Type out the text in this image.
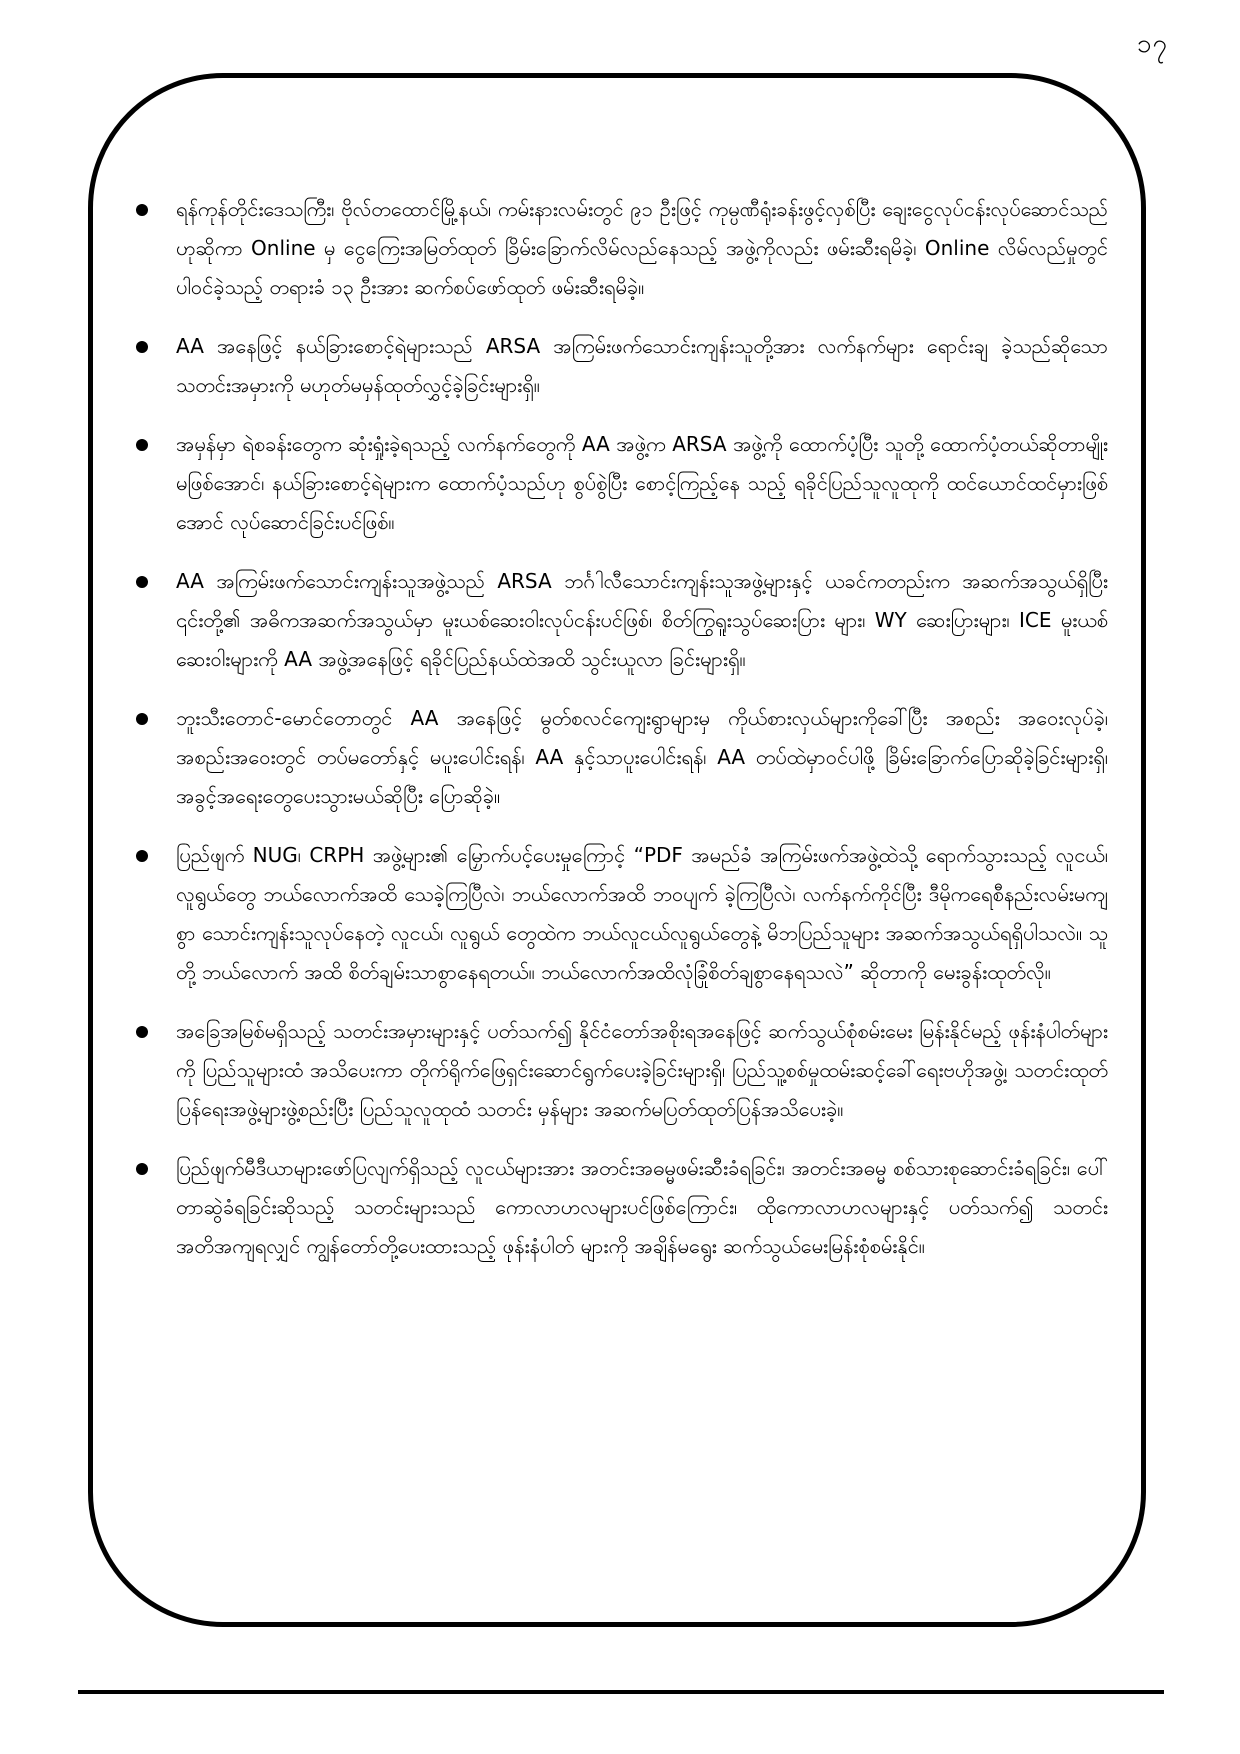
၁၇
ရန်ကုန်တိုင်းဒေသကြီး၊ ဗိုလ်တထောင်မြို့နယ်၊ ကမ်းနားလမ်းတွင် ၉၁ ဦးဖြင့် ကုမ္ပဏီရုံးခန်းဖွင့်လှစ်ပြီး ချေးငွေလုပ်ငန်းလုပ်ဆောင်သည်ဟုဆိုကာ Online မှ ငွေကြေးအမြတ်ထုတ် ခြိမ်းခြောက်လိမ်လည်နေသည့် အဖွဲ့ကိုလည်း ဖမ်းဆီးရမိခဲ့၊ Online လိမ်လည်မှုတွင် ပါဝင်ခဲ့သည့် တရားခံ ၁၃ ဦးအား ဆက်စပ်ဖော်ထုတ် ဖမ်းဆီးရမိခဲ့။
AA အနေဖြင့် နယ်ခြားစောင့်ရဲများသည် ARSA အကြမ်းဖက်သောင်းကျန်းသူတို့အား လက်နက်များ ရောင်းချ ခဲ့သည်ဆိုသော သတင်းအမှားကို မဟုတ်မမှန်ထုတ်လွှင့်ခဲ့ခြင်းများရှိ။
အမှန်မှာ ရဲစခန်းတွေက ဆုံးရှုံးခဲ့ရသည့် လက်နက်တွေကို AA အဖွဲ့က ARSA အဖွဲ့ကို ထောက်ပံ့ပြီး သူတို့ ထောက်ပံ့တယ်ဆိုတာမျိုးမဖြစ်အောင်၊ နယ်ခြားစောင့်ရဲများက ထောက်ပံ့သည်ဟု စွပ်စွဲပြီး စောင့်ကြည့်နေ သည့် ရခိုင်ပြည်သူလူထုကို ထင်ယောင်ထင်မှားဖြစ်အောင် လုပ်ဆောင်ခြင်းပင်ဖြစ်။
AA အကြမ်းဖက်သောင်းကျန်းသူအဖွဲ့သည် ARSA ဘင်္ဂါလီသောင်းကျန်းသူအဖွဲ့များနှင့် ယခင်ကတည်းက အဆက်အသွယ်ရှိပြီး ၎င်းတို့၏ အဓိကအဆက်အသွယ်မှာ မူးယစ်ဆေးဝါးလုပ်ငန်းပင်ဖြစ်၊ စိတ်ကြွရူးသွပ်ဆေးပြား များ၊ WY ဆေးပြားများ၊ ICE မူးယစ်ဆေးဝါးများကို AA အဖွဲ့အနေဖြင့် ရခိုင်ပြည်နယ်ထဲအထိ သွင်းယူလာ ခြင်းများရှိ။
ဘူးသီးတောင်-မောင်တောတွင် AA အနေဖြင့် မွတ်စလင်ကျေးရွာများမှ ကိုယ်စားလှယ်များကိုခေါ်ပြီး အစည်း အဝေးလုပ်ခဲ့၊ အစည်းအဝေးတွင် တပ်မတော်နှင့် မပူးပေါင်းရန်၊ AA နှင့်သာပူးပေါင်းရန်၊ AA တပ်ထဲမှာဝင်ပါဖို့ ခြိမ်းခြောက်ပြောဆိုခဲ့ခြင်းများရှိ၊ အခွင့်အရေးတွေပေးသွားမယ်ဆိုပြီး ပြောဆိုခဲ့။
ပြည်ဖျက် NUG၊ CRPH အဖွဲ့များ၏ မြှောက်ပင့်ပေးမှုကြောင့် “PDF အမည်ခံ အကြမ်းဖက်အဖွဲ့ထဲသို့ ရောက်သွားသည့် လူငယ်၊ လူရွယ်တွေ ဘယ်လောက်အထိ သေခဲ့ကြပြီလဲ၊ ဘယ်လောက်အထိ ဘဝပျက် ခဲ့ကြပြီလဲ၊ လက်နက်ကိုင်ပြီး ဒီမိုကရေစီနည်းလမ်းမကျစွာ သောင်းကျန်းသူလုပ်နေတဲ့ လူငယ်၊ လူရွယ် တွေထဲက ဘယ်လူငယ်လူရွယ်တွေနဲ့ မိဘပြည်သူများ အဆက်အသွယ်ရရှိပါသလဲ။ သူတို့ ဘယ်လောက် အထိ စိတ်ချမ်းသာစွာနေရတယ်။ ဘယ်လောက်အထိလုံခြုံစိတ်ချစွာနေရသလဲ” ဆိုတာကို မေးခွန်းထုတ်လို။
အခြေအမြစ်မရှိသည့် သတင်းအမှားများနှင့် ပတ်သက်၍ နိုင်ငံတော်အစိုးရအနေဖြင့် ဆက်သွယ်စုံစမ်းမေး မြန်းနိုင်မည့် ဖုန်းနံပါတ်များကို ပြည်သူများထံ အသိပေးကာ တိုက်ရိုက်ဖြေရှင်းဆောင်ရွက်ပေးခဲ့ခြင်းများရှိ၊ ပြည်သူ့စစ်မှုထမ်းဆင့်ခေါ်ရေးဗဟိုအဖွဲ့၊ သတင်းထုတ်ပြန်ရေးအဖွဲ့များဖွဲ့စည်းပြီး ပြည်သူလူထုထံ သတင်း မှန်များ အဆက်မပြတ်ထုတ်ပြန်အသိပေးခဲ့။
ပြည်ဖျက်မီဒီယာများဖော်ပြလျက်ရှိသည့် လူငယ်များအား အတင်းအဓမ္မဖမ်းဆီးခံရခြင်း၊ အတင်းအဓမ္မ စစ်သားစုဆောင်းခံရခြင်း၊ ပေါ်တာဆွဲခံရခြင်းဆိုသည့် သတင်းများသည် ကောလာဟလများပင်ဖြစ်ကြောင်း၊ ထိုကောလာဟလများနှင့် ပတ်သက်၍ သတင်းအတိအကျရလျှင် ကျွန်တော်တို့ပေးထားသည့် ဖုန်းနံပါတ် များကို အချိန်မရွေး ဆက်သွယ်မေးမြန်းစုံစမ်းနိုင်။
